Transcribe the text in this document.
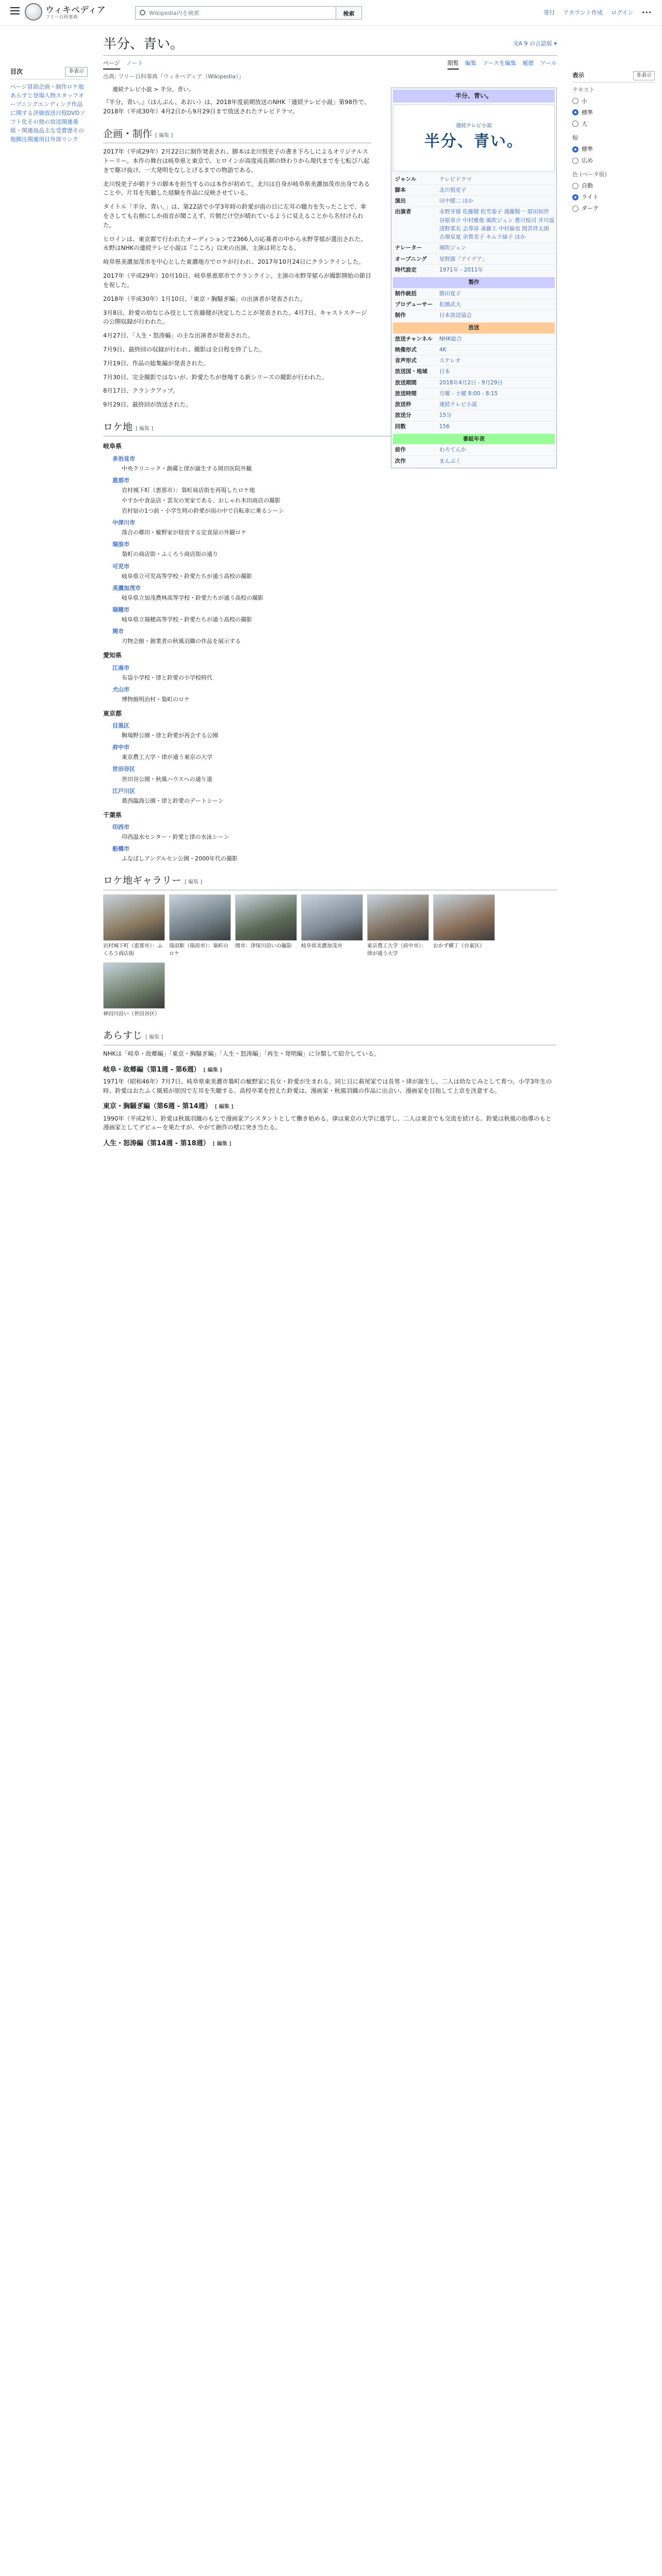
ウィキペディア
フリー百科事典
Wikipedia内を検索	検索	寄付 アカウント作成 ログイン •••
目次	非表示
ページ冒頭企画・制作ロケ地あらすじ登場人物スタッフオープニングエンディング作品に関する評価放送日程DVDソフト化その他の放送関連番組・関連商品主な受賞歴その他脚注関連項目外部リンク
半分、青い。	文A 9 の言語版 ▾
ページ ノート	閲覧 編集 ソースを編集 履歴 ツール
出典: フリー百科事典『ウィキペディア（Wikipedia）』
連続テレビ小説 > 半分、青い。

『半分、青い。』（はんぶん、あおい）は、2018年度前期放送のNHK「連続テレビ小説」第98作で、2018年（平成30年）4月2日から9月29日まで放送されたテレビドラマ。

企画・制作 [ 編集 ]

2017年（平成29年）2月22日に制作発表され、脚本は北川悦吏子の書き下ろしによるオリジナルストーリー。本作の舞台は岐阜県と東京で、ヒロインが高度成長期の終わりから現代までを七転び八起きで駆け抜け、一大発明をなしとげるまでの物語である。

北川悦吏子が朝ドラの脚本を担当するのは本作が初めて。北川は自身が岐阜県美濃加茂市出身であることや、片耳を失聴した経験を作品に反映させている。

タイトル「半分、青い。」は、第22話で小学3年時の鈴愛が雨の日に左耳の聴力を失ったことで、傘をさしても右側にしか雨音が聞こえず、片側だけ空が晴れているように見えることから名付けられた。

ヒロインは、東京都で行われたオーディションで2366人の応募者の中から永野芽郁が選出された。永野はNHKの連続テレビ小説は『こころ』以来の出演、主演は初となる。

岐阜県美濃加茂市を中心とした東濃地方でロケが行われ、2017年10月24日にクランクインした。

2017年（平成29年）10月10日、岐阜県恵那市でクランクイン。主演の永野芽郁らが撮影開始の節目を祝した。

2018年（平成30年）1月10日、「東京・胸騒ぎ編」の出演者が発表された。

3月8日、鈴愛の幼なじみ役として佐藤健が決定したことが発表された。4月7日、キャストステージの公開収録が行われた。

4月27日、「人生・怒涛編」の主な出演者が発表された。

7月9日、最終回の収録が行われ、撮影は全日程を終了した。

7月19日、作品の総集編が発表された。

7月30日、完全撮影ではないが、鈴愛たちが登場する新シリーズの撮影が行われた。

8月17日、クランクアップ。

9月29日、最終回が放送された。

半分、青い。
連続テレビ小説
半分、青い。
ジャンル	テレビドラマ
脚本	北川悦吏子
演出	田中健二 ほか
出演者	永野芽郁 佐藤健 松雪泰子 滝藤賢一 原田知世 谷原章介 中村雅俊 風吹ジュン 豊川悦司 井川遥 清野菜名 志尊淳 斎藤工 中村倫也 間宮祥太朗 古畑星夏 余貴美子 キムラ緑子 ほか
ナレーター	風吹ジュン
オープニング	星野源「アイデア」
時代設定	1971年 - 2011年
製作
制作統括	勝田夏子
プロデューサー	松園武大
制作	日本放送協会
放送
放送チャンネル	NHK総合
映像形式	4K
音声形式	ステレオ
放送国・地域	日本
放送期間	2018年4月2日 - 9月29日
放送時間	月曜 - 土曜 8:00 - 8:15
放送枠	連続テレビ小説
放送分	15分
回数	156
番組年表
前作	わろてんか
次作	まんぷく
ロケ地 [ 編集 ]
岐阜県
多治見市
中央クリニック・創蔵と律が誕生する岡田医院外観
恵那市
岩村城下町（恵那市）：梟町商店街を再現したロケ地
やすかや食品店・雲友の実家である、おしゃれ木田商店の撮影
岩村宿の1つ前・小学生時の鈴愛が雨の中で自転車に乗るシーン
中津川市
落合の郷田・楡野家が経営する定食屋の外観ロケ
瑞浪市
梟町の商店街・ふくろう商店街の通り
可児市
岐阜県立可児高等学校・鈴愛たちが通う高校の撮影
美濃加茂市
岐阜県立加茂農林高等学校・鈴愛たちが通う高校の撮影
瑞穂市
岐阜県立瑞穂高等学校・鈴愛たちが通う高校の撮影
関市
刃物会館・創業者の秋風羽織の作品を展示する
愛知県
江南市
布袋小学校・律と鈴愛の小学校時代
犬山市
博物館明治村・梟町のロケ
東京都
目黒区
駒場野公園・律と鈴愛が再会する公園
府中市
東京農工大学・律が通う東京の大学
世田谷区
世田谷公園・秋風ハウスへの通り道
江戸川区
葛西臨海公園・律と鈴愛のデートシーン
千葉県
印西市
印西温水センター・鈴愛と律の水泳シーン
船橋市
ふなばしアンデルセン公園・2000年代の撮影
ロケ地ギャラリー [ 編集 ]
岩村城下町（恵那市）：ふくろう商店街
瑞浪駅（瑞浪市）：梟町のロケ
関市：津保川沿いの撮影	岐阜県美濃加茂市	東京農工大学（府中市）：律が通う大学
おかず横丁（台東区）
神田川沿い（世田谷区）
あらすじ [ 編集 ]

NHKは「岐阜・故郷編」「東京・胸騒ぎ編」「人生・怒涛編」「再生・発明編」に分類して紹介している。

岐阜・故郷編（第1週 - 第6週） [ 編集 ]

1971年（昭和46年）7月7日、岐阜県東美濃市梟町の楡野家に長女・鈴愛が生まれる。同じ日に萩尾家では長男・律が誕生し、二人は幼なじみとして育つ。小学3年生の時、鈴愛はおたふく風邪が原因で左耳を失聴する。高校卒業を控えた鈴愛は、漫画家・秋風羽織の作品に出会い、漫画家を目指して上京を決意する。

東京・胸騒ぎ編（第6週 - 第14週） [ 編集 ]

1990年（平成2年）、鈴愛は秋風羽織のもとで漫画家アシスタントとして働き始める。律は東京の大学に進学し、二人は東京でも交流を続ける。鈴愛は秋風の指導のもと漫画家としてデビューを果たすが、やがて創作の壁に突き当たる。

人生・怒涛編（第14週 - 第18週） [ 編集 ]
表示	非表示
テキスト
小
標準
大
幅
標準
広め
色 (ベータ版)
自動
ライト
ダーク
